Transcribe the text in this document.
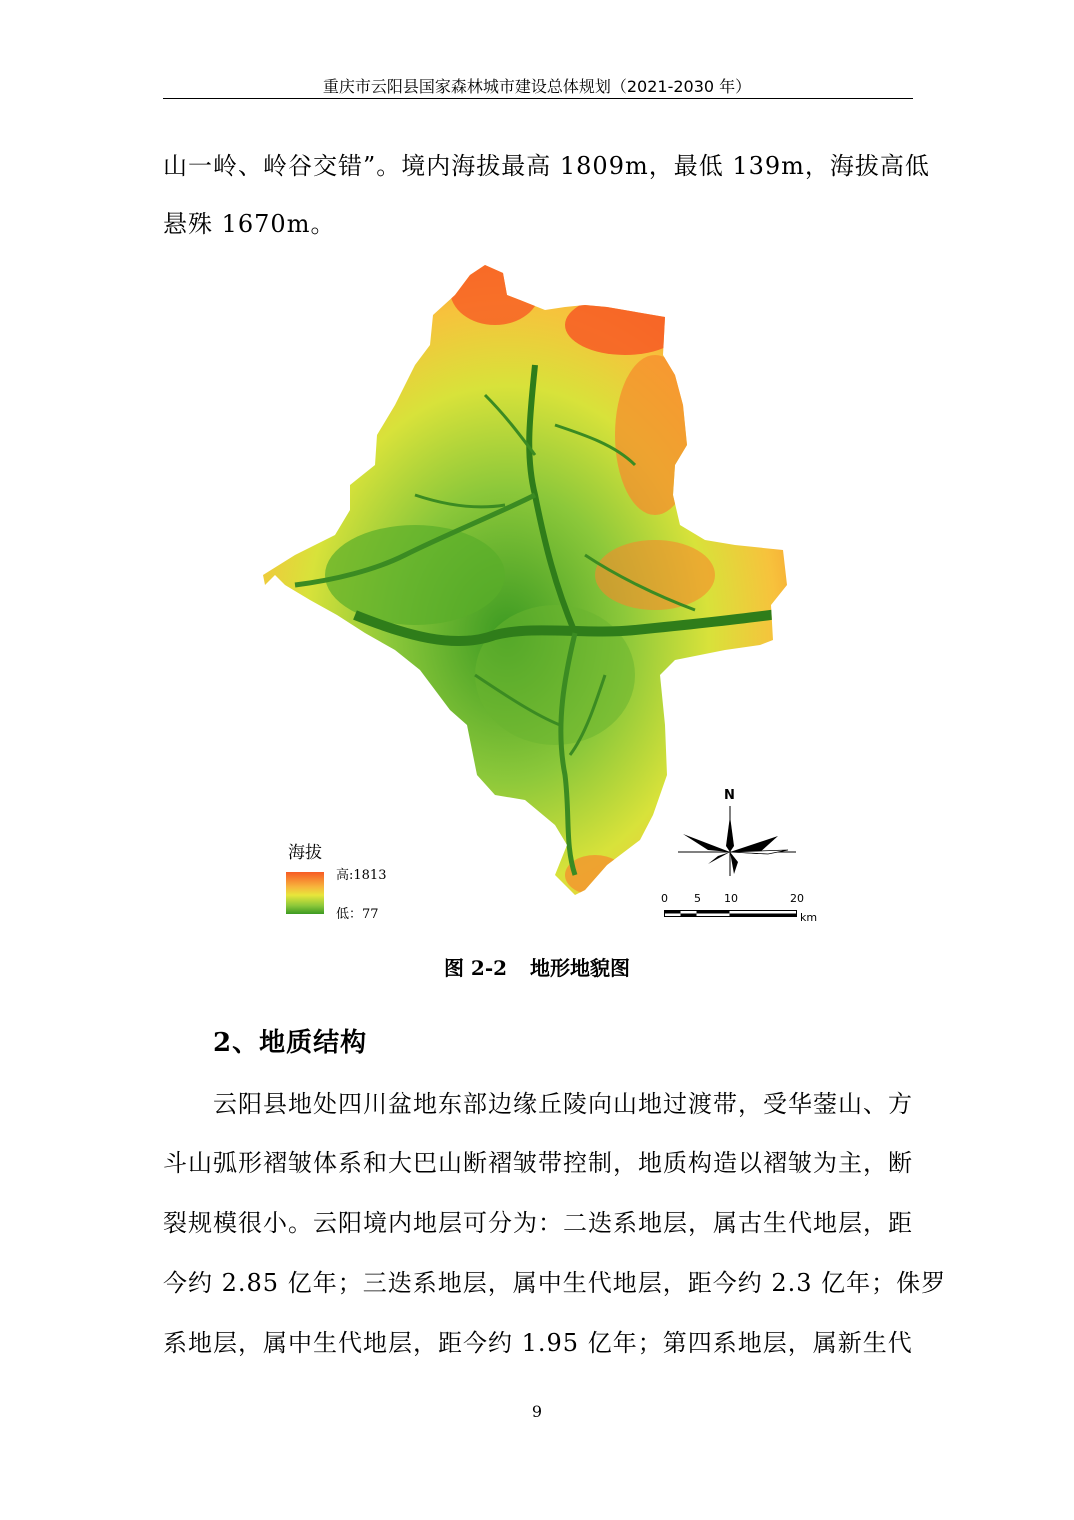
重庆市云阳县国家森林城市建设总体规划（2021-2030 年）
山一岭、岭谷交错”。境内海拔最高 1809m，最低 139m，海拔高低
悬殊 1670m。
海拔
高:1813
低：77
N
0 5 10	20
km
图 2-2 地形地貌图
2、地质结构
云阳县地处四川盆地东部边缘丘陵向山地过渡带，受华蓥山、方
斗山弧形褶皱体系和大巴山断褶皱带控制，地质构造以褶皱为主，断
裂规模很小。云阳境内地层可分为：二迭系地层，属古生代地层，距
今约 2.85 亿年；三迭系地层，属中生代地层，距今约 2.3 亿年；侏罗
系地层，属中生代地层，距今约 1.95 亿年；第四系地层，属新生代
9
